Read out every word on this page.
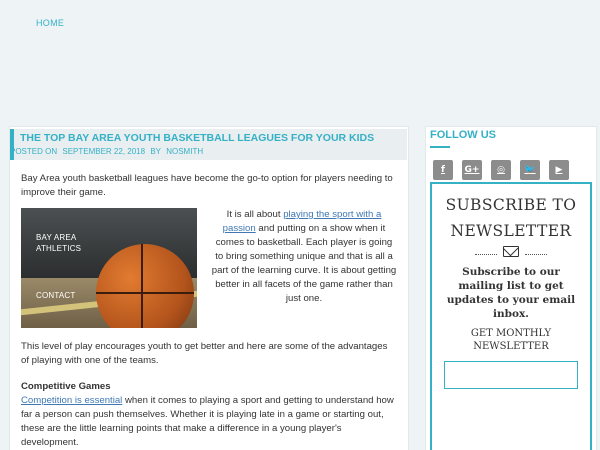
HOME
THE TOP BAY AREA YOUTH BASKETBALL LEAGUES FOR YOUR KIDS
POSTED ON SEPTEMBER 22, 2018 BY NOSMITH

Bay Area youth basketball leagues have become the go-to option for players needing to improve their game.

It is all about playing the sport with a passion and putting on a show when it comes to basketball. Each player is going to bring something unique and that is all a part of the learning curve. It is about getting better in all facets of the game rather than just one.

This level of play encourages youth to get better and here are some of the advantages of playing with one of the teams.

Competitive Games

Competition is essential when it comes to playing a sport and getting to understand how far a person can push themselves. Whether it is playing late in a game or starting out, these are the little learning points that make a difference in a young player's development.

BAY AREA ATHLETICS
CONTACT
FOLLOW US
f	G+	◎	🐦	▶
SUBSCRIBE TO NEWSLETTER
Subscribe to our mailing list to get updates to your email inbox.
GET MONTHLY NEWSLETTER
